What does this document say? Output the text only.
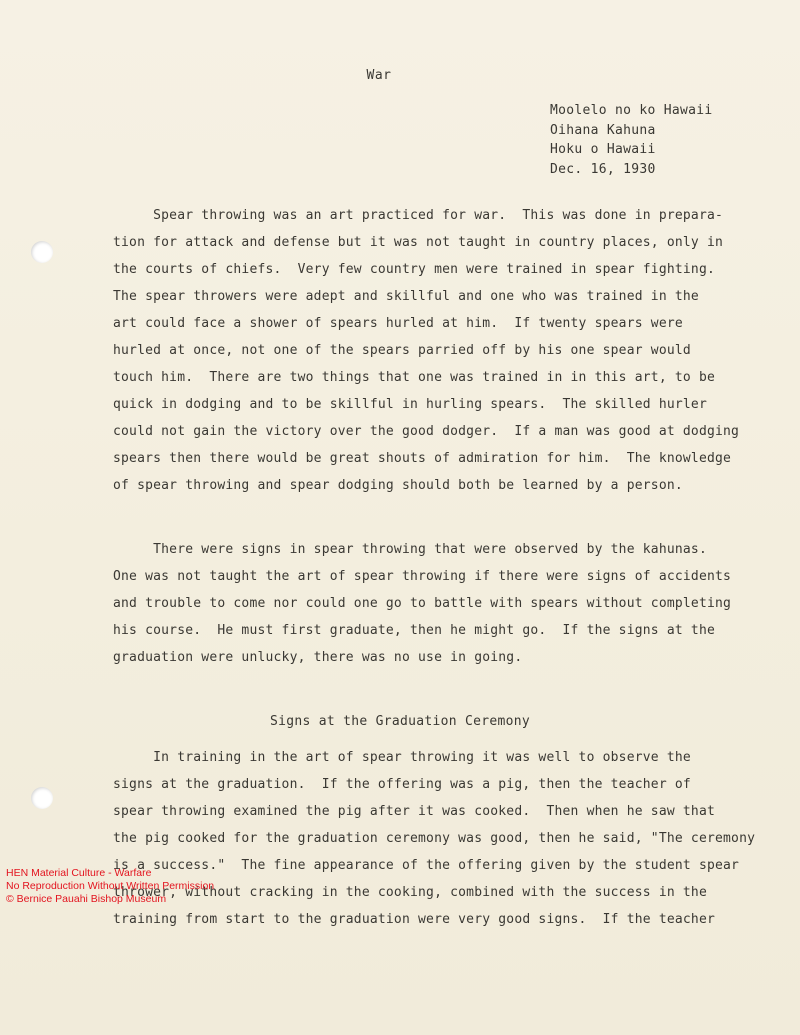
War
Moolelo no ko Hawaii
Oihana Kahuna
Hoku o Hawaii
Dec. 16, 1930
Spear throwing was an art practiced for war.  This was done in prepara-
tion for attack and defense but it was not taught in country places, only in
the courts of chiefs.  Very few country men were trained in spear fighting.
The spear throwers were adept and skillful and one who was trained in the
art could face a shower of spears hurled at him.  If twenty spears were
hurled at once, not one of the spears parried off by his one spear would
touch him.  There are two things that one was trained in in this art, to be
quick in dodging and to be skillful in hurling spears.  The skilled hurler
could not gain the victory over the good dodger.  If a man was good at dodging
spears then there would be great shouts of admiration for him.  The knowledge
of spear throwing and spear dodging should both be learned by a person.
There were signs in spear throwing that were observed by the kahunas.
One was not taught the art of spear throwing if there were signs of accidents
and trouble to come nor could one go to battle with spears without completing
his course.  He must first graduate, then he might go.  If the signs at the
graduation were unlucky, there was no use in going.
Signs at the Graduation Ceremony
In training in the art of spear throwing it was well to observe the
signs at the graduation.  If the offering was a pig, then the teacher of
spear throwing examined the pig after it was cooked.  Then when he saw that
the pig cooked for the graduation ceremony was good, then he said, "The ceremony
is a success."  The fine appearance of the offering given by the student spear
thrower, without cracking in the cooking, combined with the success in the
training from start to the graduation were very good signs.  If the teacher
HEN Material Culture - Warfare
No Reproduction Without Written Permission
© Bernice Pauahi Bishop Museum
